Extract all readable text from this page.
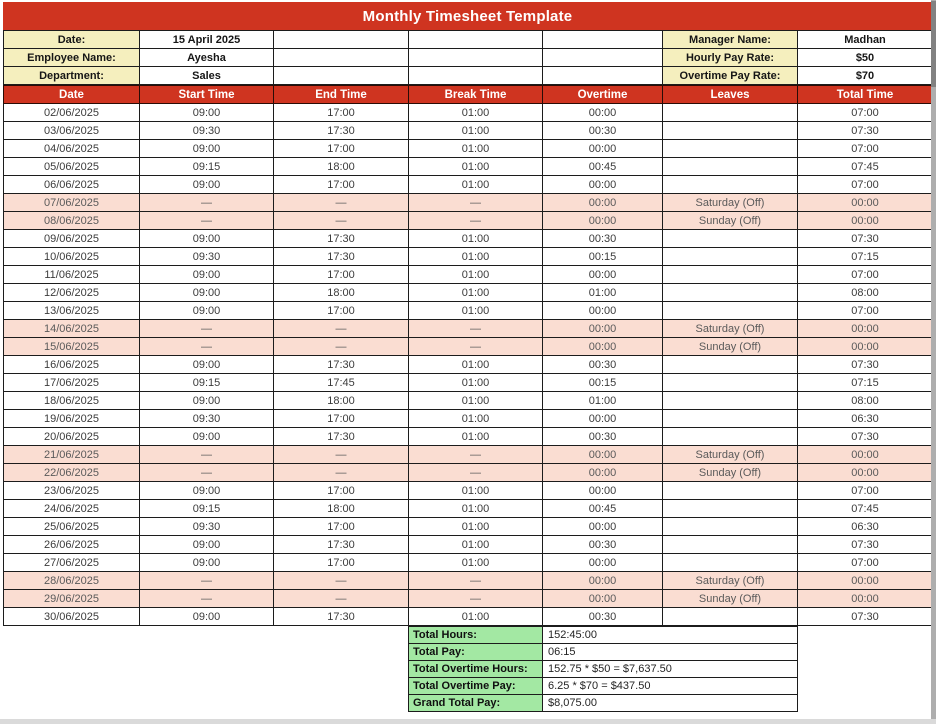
Monthly Timesheet Template
Date:	15 April 2025				Manager Name:	Madhan
Employee Name:	Ayesha				Hourly Pay Rate:	$50
Department:	Sales				Overtime Pay Rate:	$70
Date	Start Time	End Time	Break Time	Overtime	Leaves	Total Time
02/06/2025	09:00	17:00	01:00	00:00		07:00
03/06/2025	09:30	17:30	01:00	00:30		07:30
04/06/2025	09:00	17:00	01:00	00:00		07:00
05/06/2025	09:15	18:00	01:00	00:45		07:45
06/06/2025	09:00	17:00	01:00	00:00		07:00
07/06/2025	—	—	—	00:00	Saturday (Off)	00:00
08/06/2025	—	—	—	00:00	Sunday (Off)	00:00
09/06/2025	09:00	17:30	01:00	00:30		07:30
10/06/2025	09:30	17:30	01:00	00:15		07:15
11/06/2025	09:00	17:00	01:00	00:00		07:00
12/06/2025	09:00	18:00	01:00	01:00		08:00
13/06/2025	09:00	17:00	01:00	00:00		07:00
14/06/2025	—	—	—	00:00	Saturday (Off)	00:00
15/06/2025	—	—	—	00:00	Sunday (Off)	00:00
16/06/2025	09:00	17:30	01:00	00:30		07:30
17/06/2025	09:15	17:45	01:00	00:15		07:15
18/06/2025	09:00	18:00	01:00	01:00		08:00
19/06/2025	09:30	17:00	01:00	00:00		06:30
20/06/2025	09:00	17:30	01:00	00:30		07:30
21/06/2025	—	—	—	00:00	Saturday (Off)	00:00
22/06/2025	—	—	—	00:00	Sunday (Off)	00:00
23/06/2025	09:00	17:00	01:00	00:00		07:00
24/06/2025	09:15	18:00	01:00	00:45		07:45
25/06/2025	09:30	17:00	01:00	00:00		06:30
26/06/2025	09:00	17:30	01:00	00:30		07:30
27/06/2025	09:00	17:00	01:00	00:00		07:00
28/06/2025	—	—	—	00:00	Saturday (Off)	00:00
29/06/2025	—	—	—	00:00	Sunday (Off)	00:00
30/06/2025	09:00	17:30	01:00	00:30		07:30
Total Hours:	152:45:00
Total Pay:	06:15
Total Overtime Hours:	152.75 * $50 = $7,637.50
Total Overtime Pay:	6.25 * $70 = $437.50
Grand Total Pay:	$8,075.00
